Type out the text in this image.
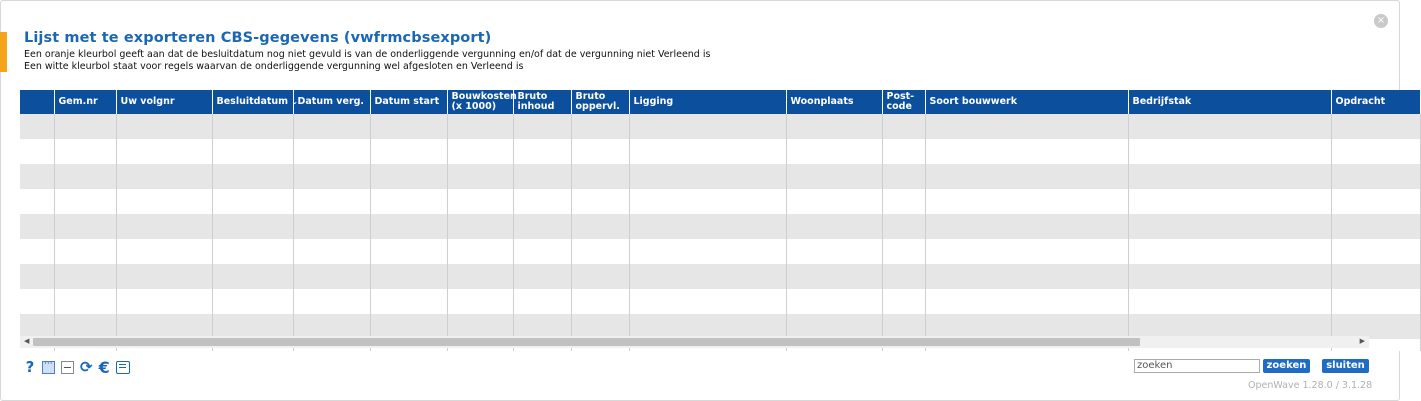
×
Lijst met te exporteren CBS-gegevens (vwfrmcbsexport)
Een oranje kleurbol geeft aan dat de besluitdatum nog niet gevuld is van de onderliggende vergunning en/of dat de vergunning niet Verleend is
Een witte kleurbol staat voor regels waarvan de onderliggende vergunning wel afgesloten en Verleend is
	Gem.nr	Uw volgnr	Besluitdatum ⌄	Datum verg.	Datum start	Bouwkosten (x 1000)	Bruto inhoud	Bruto oppervl.	Ligging	Woonplaats	Post- code	Soort bouwwerk	Bedrijfstak	Opdracht

◀	▶
? ···	⟳ €
zoeken	zoeken	sluiten
OpenWave 1.28.0 / 3.1.28
